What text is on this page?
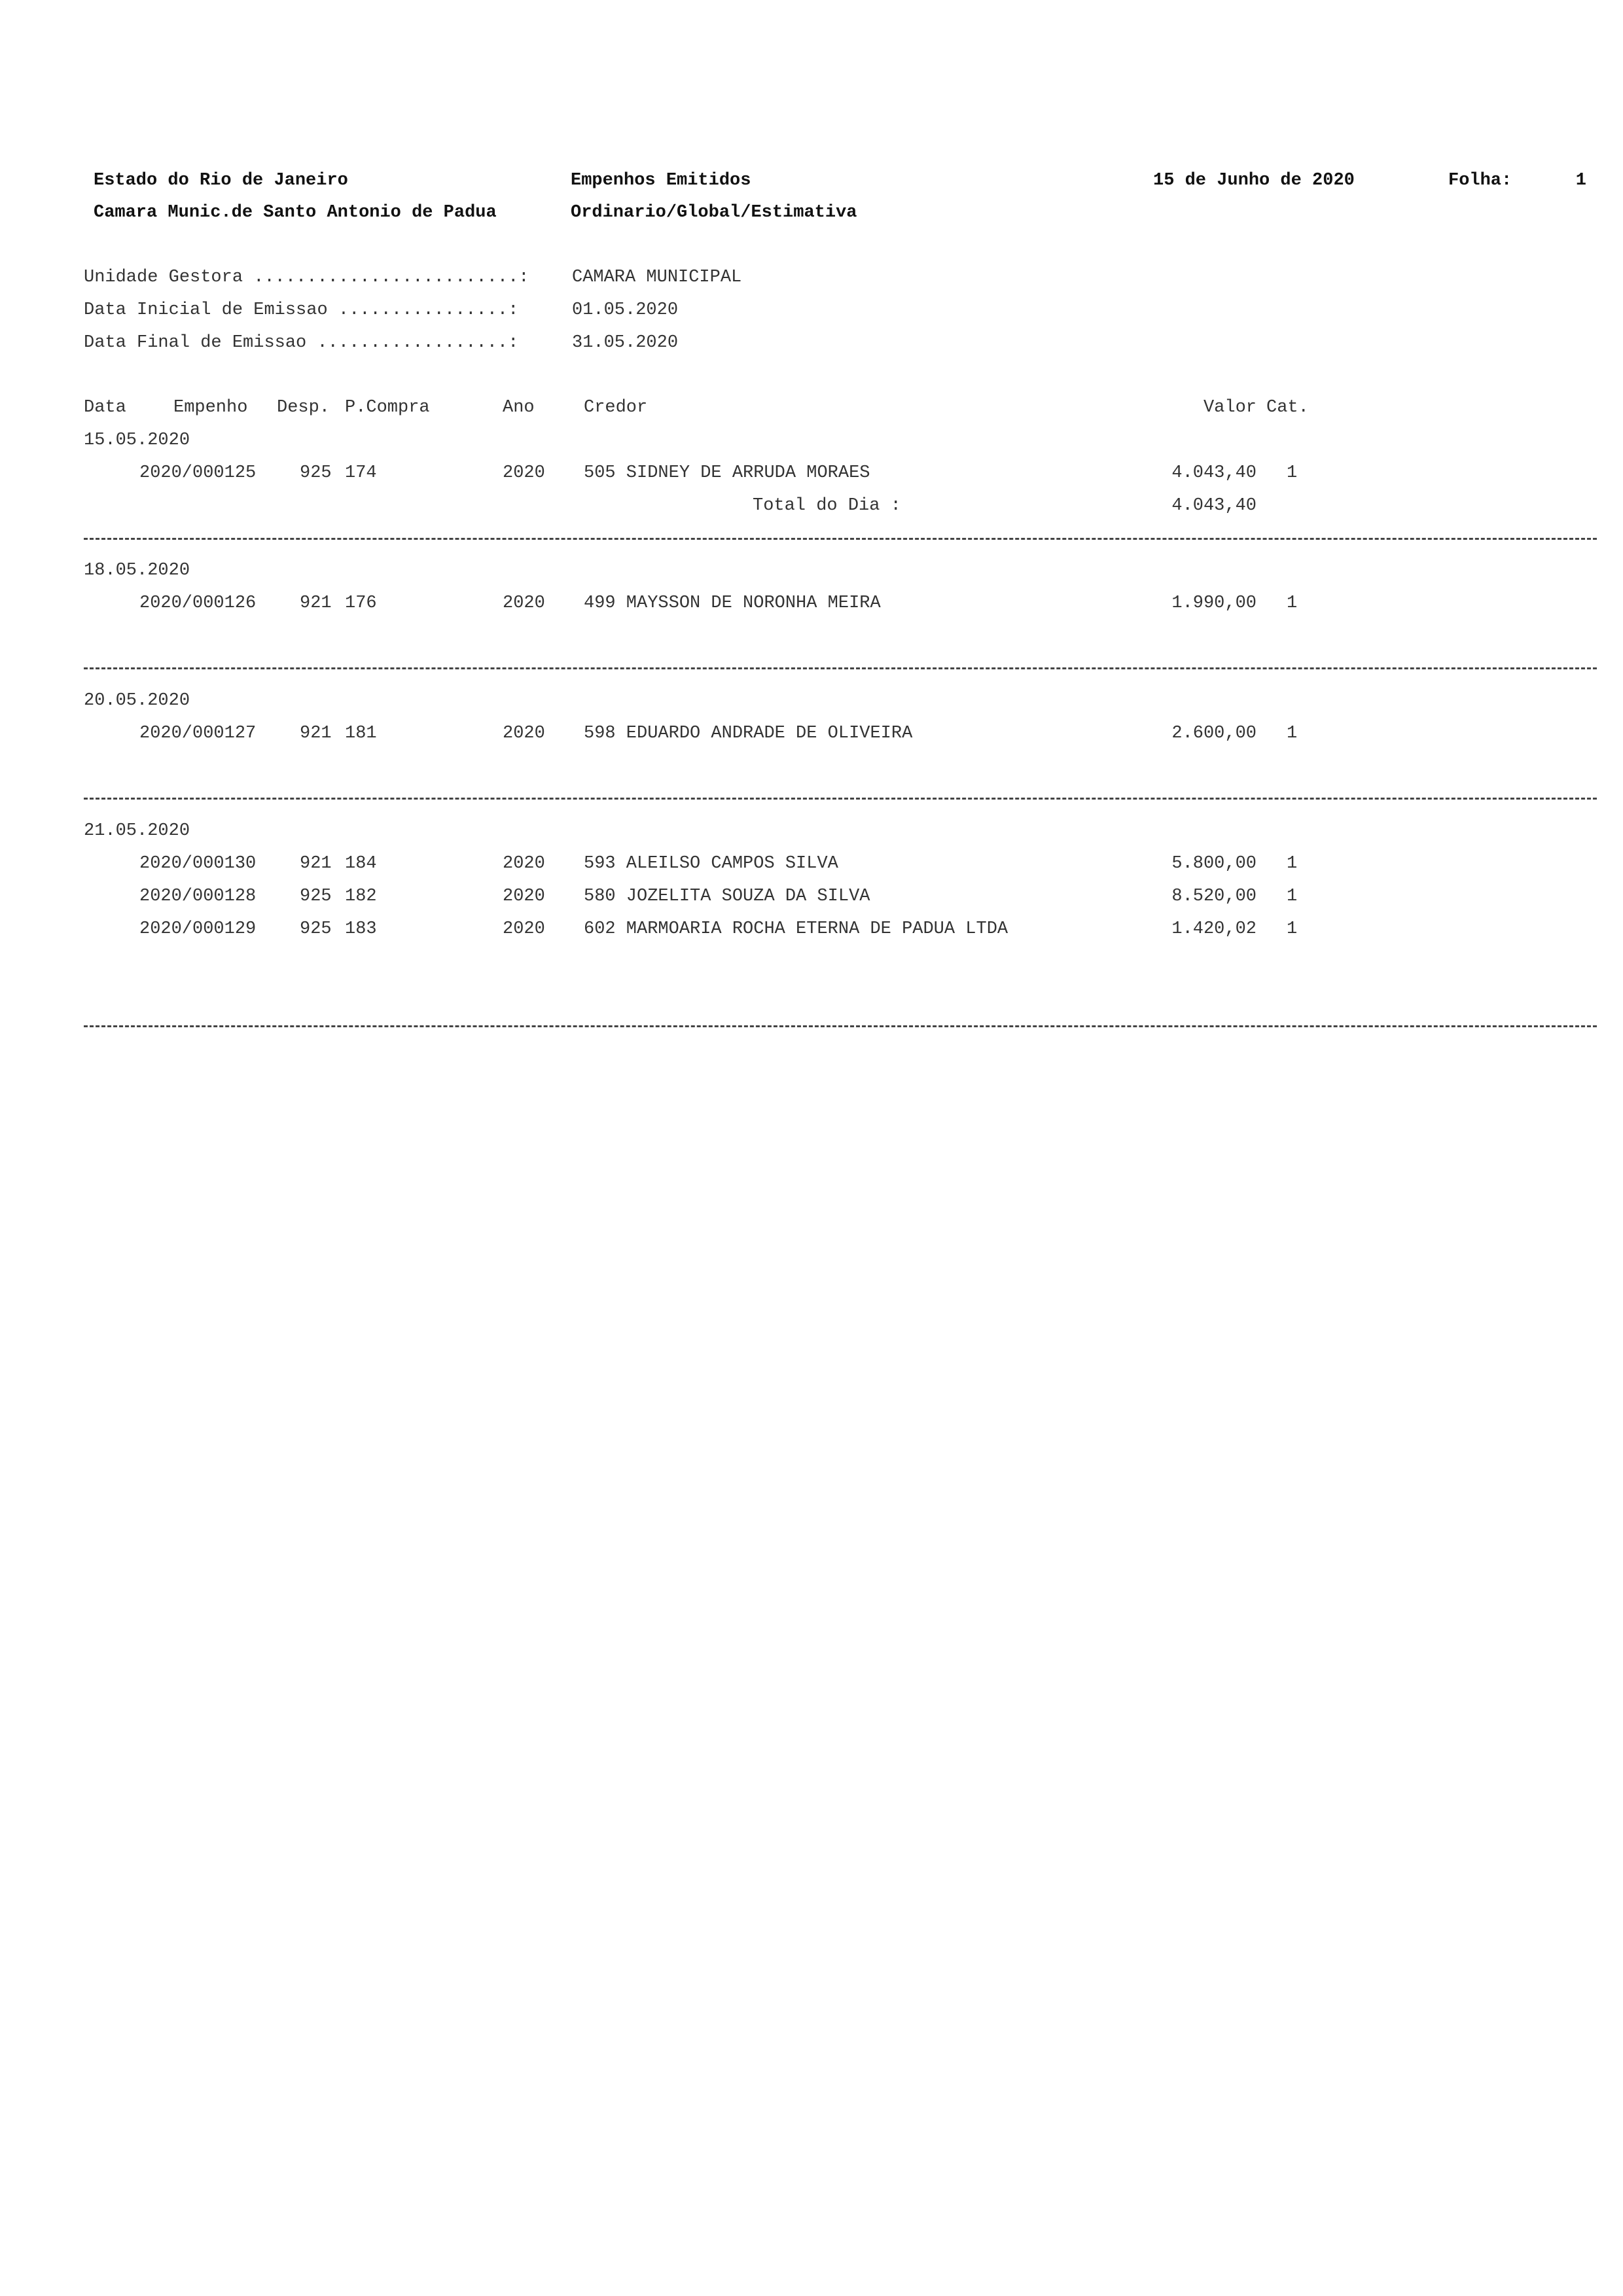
Estado do Rio de Janeiro	Empenhos Emitidos	15 de Junho de 2020	Folha:	1
Camara Munic.de Santo Antonio de Padua	Ordinario/Global/Estimativa
Unidade Gestora .........................: CAMARA MUNICIPAL
Data Inicial de Emissao ................:	01.05.2020
Data Final de Emissao ..................:	31.05.2020
Data	Empenho Desp. P.Compra	Ano	Credor	Valor Cat.
15.05.2020
2020/000125 925 174	2020 505 SIDNEY DE ARRUDA MORAES	4.043,40 1
Total do Dia :	4.043,40
18.05.2020
2020/000126 921 176	2020 499 MAYSSON DE NORONHA MEIRA	1.990,00 1
20.05.2020
2020/000127 921 181	2020 598 EDUARDO ANDRADE DE OLIVEIRA	2.600,00 1
21.05.2020
2020/000130 921 184	2020 593 ALEILSO CAMPOS SILVA	5.800,00 1
2020/000128 925 182	2020 580 JOZELITA SOUZA DA SILVA	8.520,00 1
2020/000129 925 183	2020 602 MARMOARIA ROCHA ETERNA DE PADUA LTDA	1.420,02 1
